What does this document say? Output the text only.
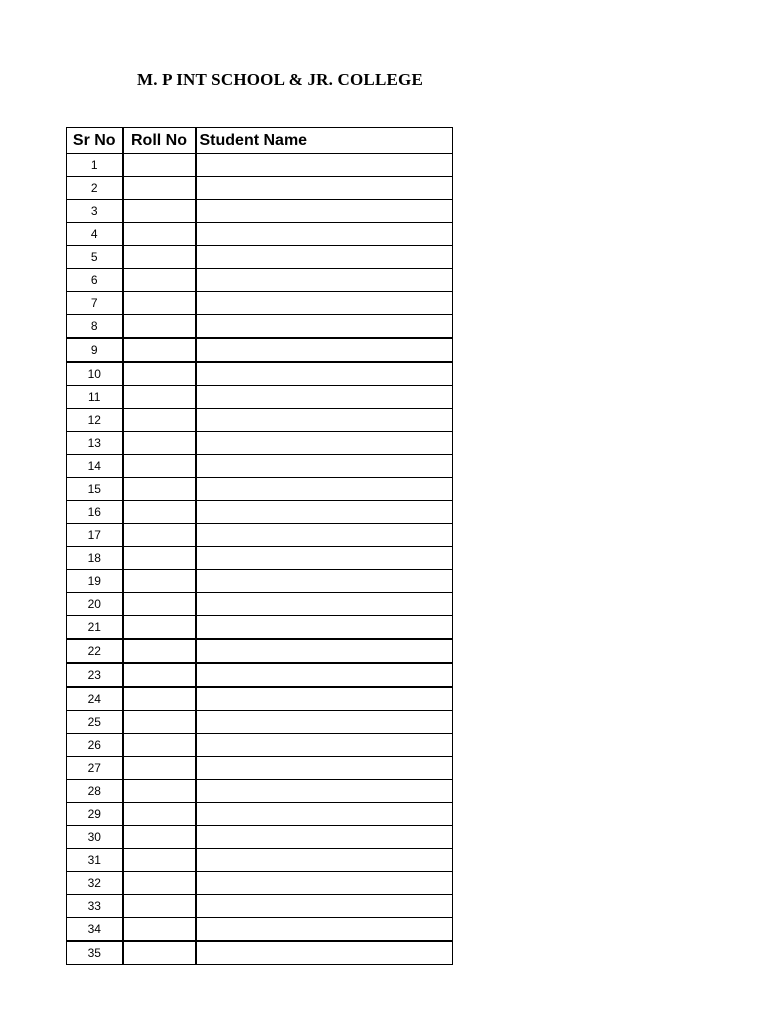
M. P INT SCHOOL & JR. COLLEGE
Sr No	Roll No	Student Name
1		
2		
3		
4		
5		
6		
7		
8		
9		
10		
11		
12		
13		
14		
15		
16		
17		
18		
19		
20		
21		
22		
23		
24		
25		
26		
27		
28		
29		
30		
31		
32		
33		
34		
35		
